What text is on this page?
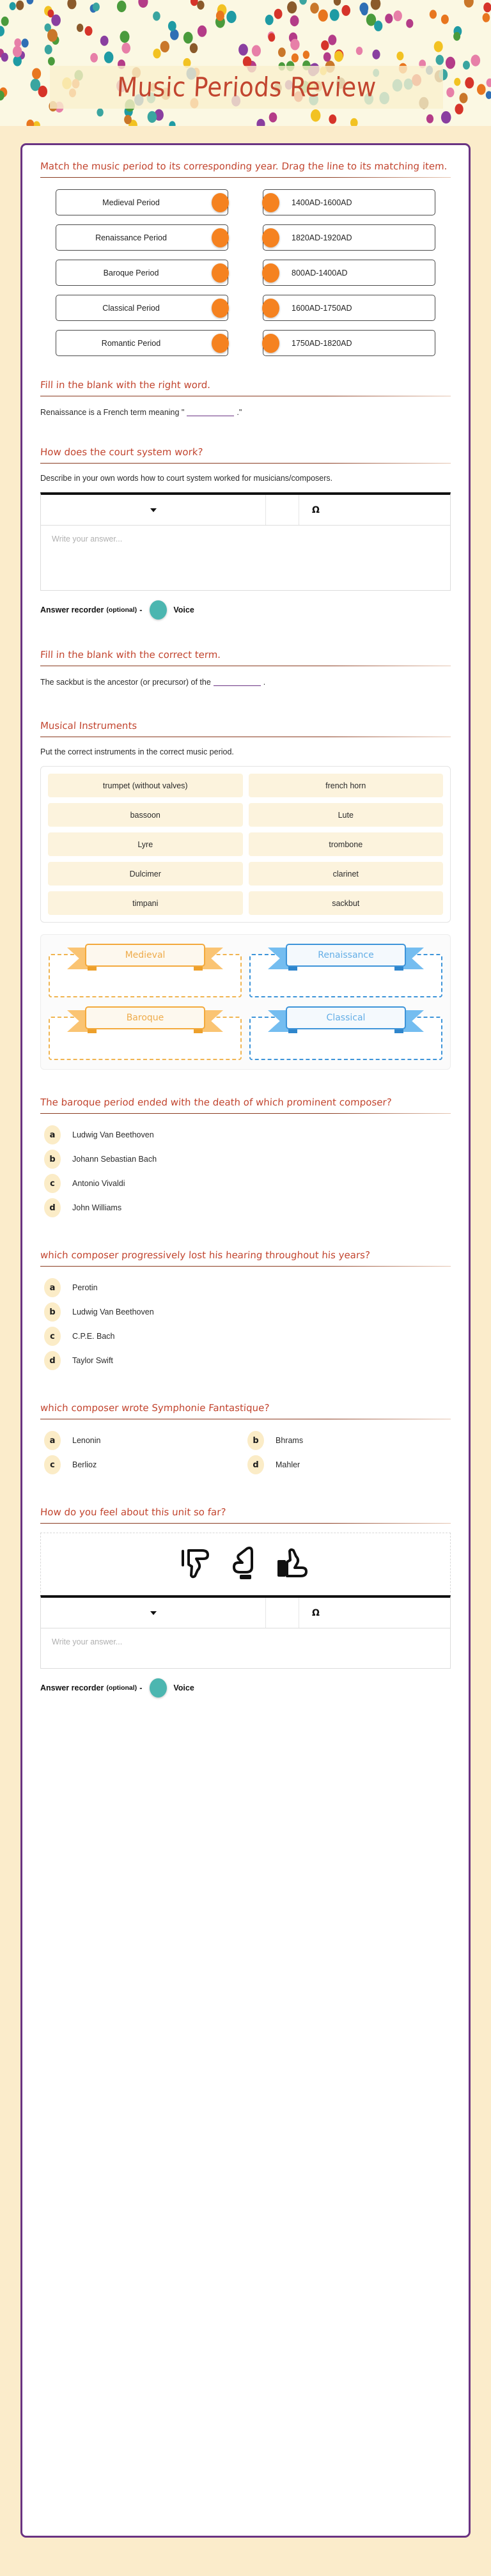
Music Periods Review
Match the music period to its corresponding year. Drag the line to its matching item.
Medieval Period	1400AD-1600AD
Renaissance Period	1820AD-1920AD
Baroque Period	800AD-1400AD
Classical Period	1600AD-1750AD
Romantic Period	1750AD-1820AD
Fill in the blank with the right word.
Renaissance is a French term meaning "	."
How does the court system work?
Describe in your own words how to court system worked for musicians/composers.
Ω
Write your answer...
Answer recorder (optional) -	Voice
Fill in the blank with the correct term.
The sackbut is the ancestor (or precursor) of the	.
Musical Instruments
Put the correct instruments in the correct music period.
trumpet (without valves)	french horn
bassoon	Lute
Lyre	trombone
Dulcimer	clarinet
timpani	sackbut
Medieval	Renaissance
Baroque	Classical
The baroque period ended with the death of which prominent composer?
a	Ludwig Van Beethoven
b	Johann Sebastian Bach
c	Antonio Vivaldi
d	John Williams
which composer progressively lost his hearing throughout his years?
a	Perotin
b	Ludwig Van Beethoven
c	C.P.E. Bach
d	Taylor Swift
which composer wrote Symphonie Fantastique?
a	Lenonin	b	Bhrams
c	Berlioz	d	Mahler
How do you feel about this unit so far?
Ω
Write your answer...
Answer recorder (optional) -	Voice
